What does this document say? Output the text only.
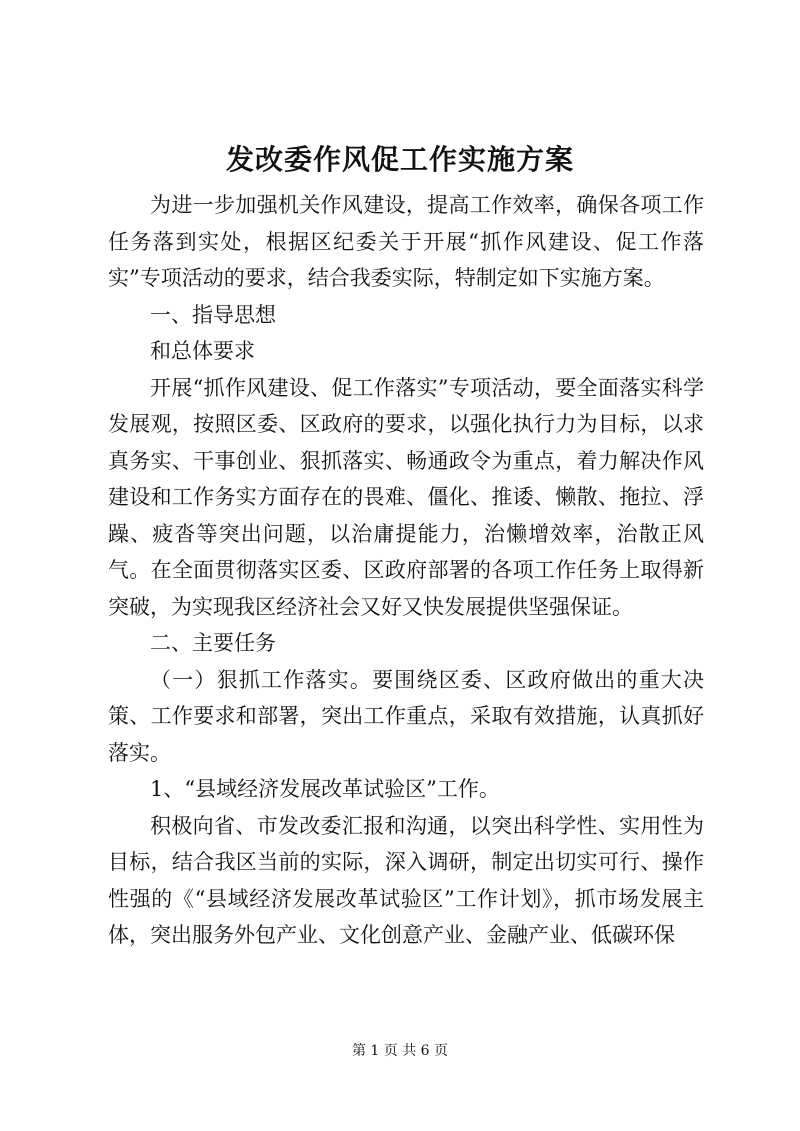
发改委作风促工作实施方案

为进一步加强机关作风建设，提高工作效率，确保各项工作任务落到实处，根据区纪委关于开展“抓作风建设、促工作落实”专项活动的要求，结合我委实际，特制定如下实施方案。

一、指导思想

和总体要求

开展“抓作风建设、促工作落实”专项活动，要全面落实科学发展观，按照区委、区政府的要求，以强化执行力为目标，以求真务实、干事创业、狠抓落实、畅通政令为重点，着力解决作风建设和工作务实方面存在的畏难、僵化、推诿、懒散、拖拉、浮躁、疲沓等突出问题，以治庸提能力，治懒增效率，治散正风气。在全面贯彻落实区委、区政府部署的各项工作任务上取得新突破，为实现我区经济社会又好又快发展提供坚强保证。

二、主要任务

（一）狠抓工作落实。要围绕区委、区政府做出的重大决策、工作要求和部署，突出工作重点，采取有效措施，认真抓好落实。

1、“县域经济发展改革试验区”工作。

积极向省、市发改委汇报和沟通，以突出科学性、实用性为目标，结合我区当前的实际，深入调研，制定出切实可行、操作性强的《“县域经济发展改革试验区”工作计划》，抓市场发展主体，突出服务外包产业、文化创意产业、金融产业、低碳环保

第 1 页 共 6 页
